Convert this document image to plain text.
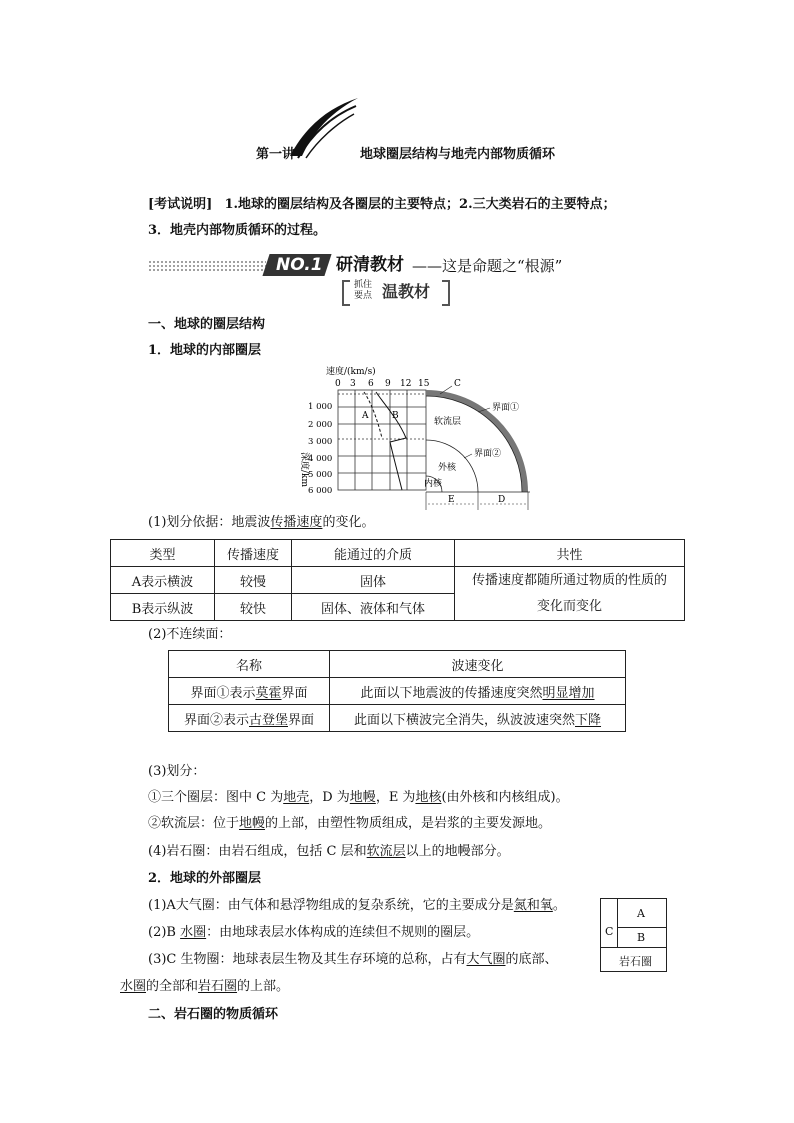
第一讲	地球圈层结构与地壳内部物质循环
[考试说明] 1.地球的圈层结构及各圈层的主要特点；2.三大类岩石的主要特点；
3．地壳内部物质循环的过程。
NO.1 研清教材 ——这是命题之“根源”
抓住
要点 温教材
一、地球的圈层结构
1．地球的内部圈层
速度/(km/s)
0 3 6 9 12 15
1 000
2 000
3 000
4 000
5 000
6 000
深度/km
A	B
C
界面①
软流层
界面②
外核
内核
E	D
(1)划分依据：地震波传播速度的变化。
类型	传播速度	能通过的介质	共性
A表示横波	较慢	固体	传播速度都随所通过物质的性质的
变化而变化

B表示纵波	较快	固体、液体和气体	
(2)不连续面：
名称	波速变化
界面①表示莫霍界面	此面以下地震波的传播速度突然明显增加
界面②表示古登堡界面	此面以下横波完全消失，纵波波速突然下降
(3)划分：
①三个圈层：图中 C 为地壳，D 为地幔，E 为地核(由外核和内核组成)。
②软流层：位于地幔的上部，由塑性物质组成，是岩浆的主要发源地。
(4)岩石圈：由岩石组成，包括 C 层和软流层以上的地幔部分。
2．地球的外部圈层
(1)A大气圈：由气体和悬浮物组成的复杂系统，它的主要成分是氮和氧。
(2)B 水圈：由地球表层水体构成的连续但不规则的圈层。
(3)C 生物圈：地球表层生物及其生存环境的总称，占有大气圈的底部、
水圈的全部和岩石圈的上部。
A
B
C
岩石圈
二、岩石圈的物质循环
